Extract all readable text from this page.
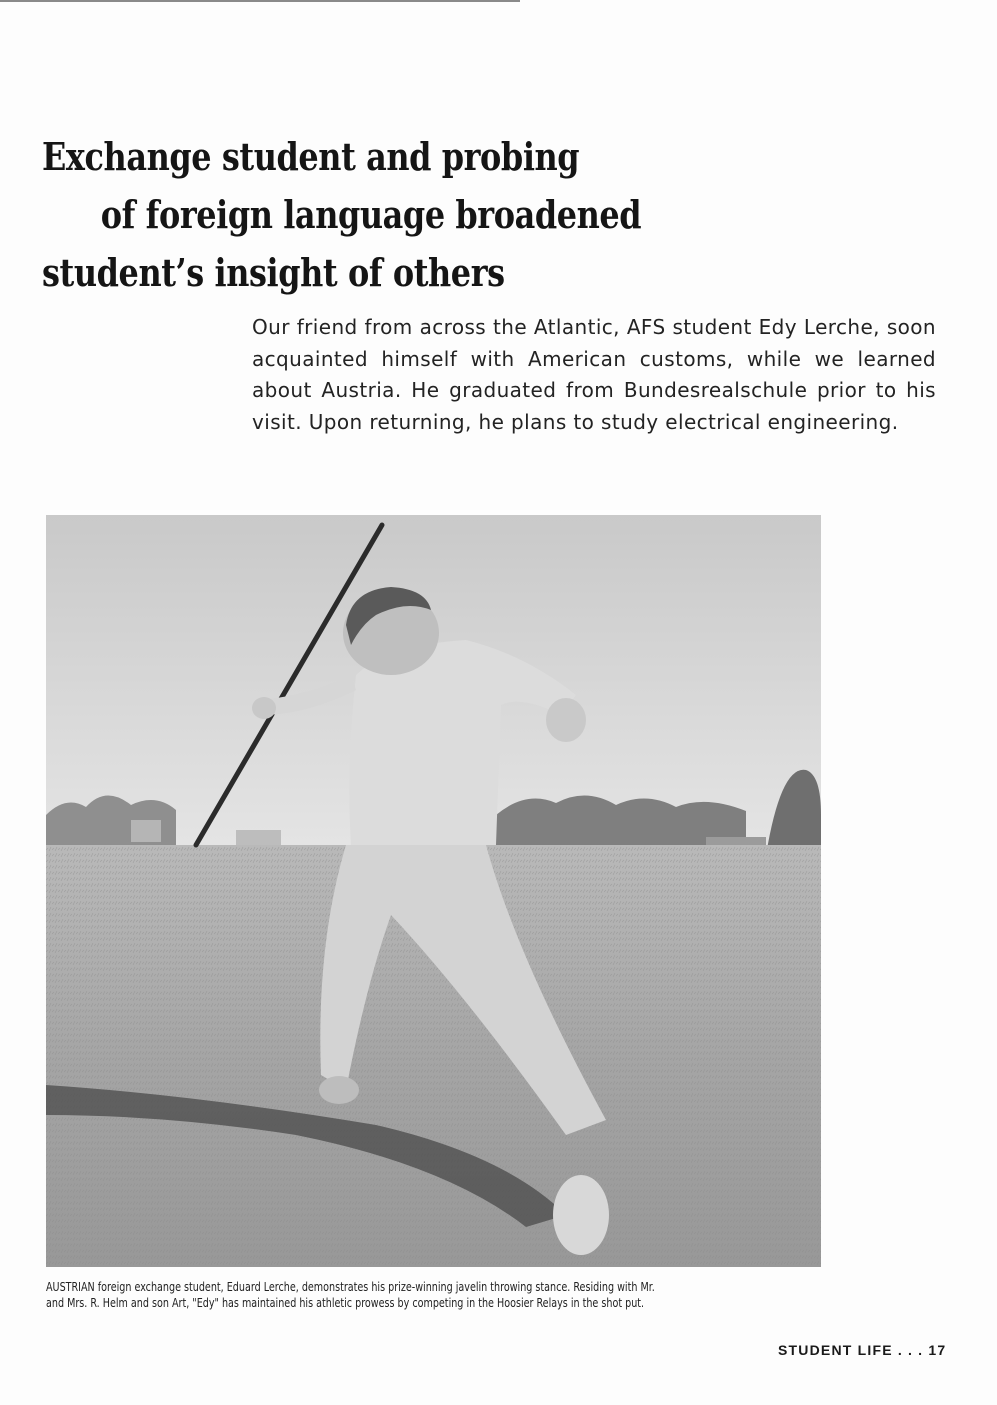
Exchange student and probing
of foreign language broadened
student’s insight of others
Our friend from across the Atlantic, AFS student Edy Lerche, soon acquainted himself with American customs, while we learned about Austria. He graduated from Bundesrealschule prior to his visit. Upon returning, he plans to study electrical engineering.
AUSTRIAN foreign exchange student, Eduard Lerche, demonstrates his prize-winning javelin throwing stance. Residing with Mr.
and Mrs. R. Helm and son Art, "Edy" has maintained his athletic prowess by competing in the Hoosier Relays in the shot put.
STUDENT LIFE . . . 17
